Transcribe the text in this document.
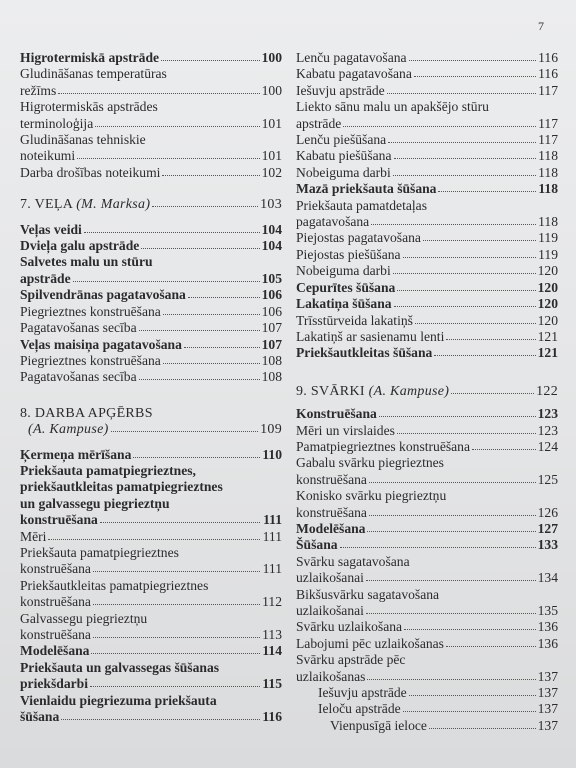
7
Higrotermiskā apstrāde	100
Gludināšanas temperatūras
režīms	100
Higrotermiskās apstrādes
terminoloģija	101
Gludināšanas tehniskie
noteikumi	101
Darba drošības noteikumi	102
7. VEĻA (M. Marksa)	103
Veļas veidi	104
Dvieļa galu apstrāde	104
Salvetes malu un stūru
apstrāde	105
Spilvendrānas pagatavošana	106
Piegrieztnes konstruēšana	106
Pagatavošanas secība	107
Veļas maisiņa pagatavošana	107
Piegrieztnes konstruēšana	108
Pagatavošanas secība	108
8. DARBA APĢĒRBS
(A. Kampuse)	109
Ķermeņa mērīšana	110
Priekšauta pamatpiegrieztnes,
priekšautkleitas pamatpiegrieztnes
un galvassegu piegrieztņu
konstruēšana	111
Mēri	111
Priekšauta pamatpiegrieztnes
konstruēšana	111
Priekšautkleitas pamatpiegrieztnes
konstruēšana	112
Galvassegu piegrieztņu
konstruēšana	113
Modelēšana	114
Priekšauta un galvassegas šūšanas
priekšdarbi	115
Vienlaidu piegriezuma priekšauta
šūšana	116
Lenču pagatavošana	116
Kabatu pagatavošana	116
Iešuvju apstrāde	117
Liekto sānu malu un apakšējo stūru
apstrāde	117
Lenču piešūšana	117
Kabatu piešūšana	118
Nobeiguma darbi	118
Mazā priekšauta šūšana	118
Priekšauta pamatdetaļas
pagatavošana	118
Piejostas pagatavošana	119
Piejostas piešūšana	119
Nobeiguma darbi	120
Cepurītes šūšana	120
Lakatiņa šūšana	120
Trīsstūrveida lakatiņš	120
Lakatiņš ar sasienamu lenti	121
Priekšautkleitas šūšana	121
9. SVĀRKI (A. Kampuse)	122
Konstruēšana	123
Mēri un virslaides	123
Pamatpiegrieztnes konstruēšana	124
Gabalu svārku piegrieztnes
konstruēšana	125
Konisko svārku piegrieztņu
konstruēšana	126
Modelēšana	127
Šūšana	133
Svārku sagatavošana
uzlaikošanai	134
Bikšusvārku sagatavošana
uzlaikošanai	135
Svārku uzlaikošana	136
Labojumi pēc uzlaikošanas	136
Svārku apstrāde pēc
uzlaikošanas	137
Iešuvju apstrāde	137
Ieloču apstrāde	137
Vienpusīgā ieloce	137
